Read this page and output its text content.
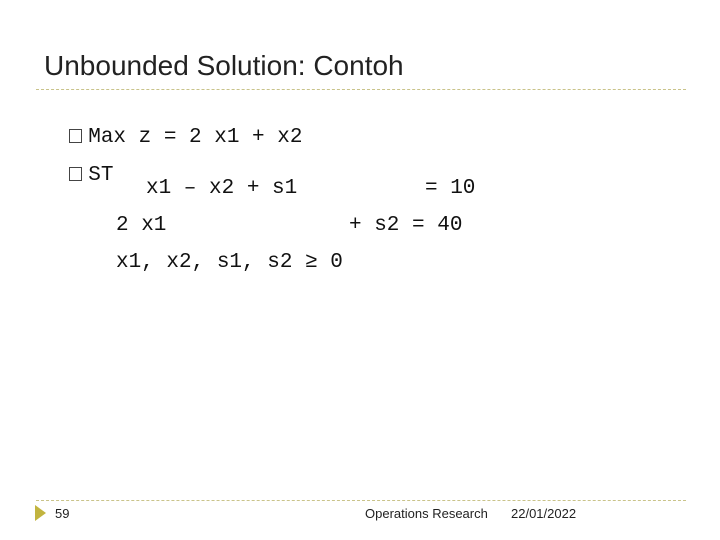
Unbounded Solution: Contoh

Max z = 2 x1 + x2

ST

x1 – x2 + s1	= 10
2 x1	+ s2 = 40
x1, x2, s1, s2 ≥ 0
59	Operations Research 22/01/2022
